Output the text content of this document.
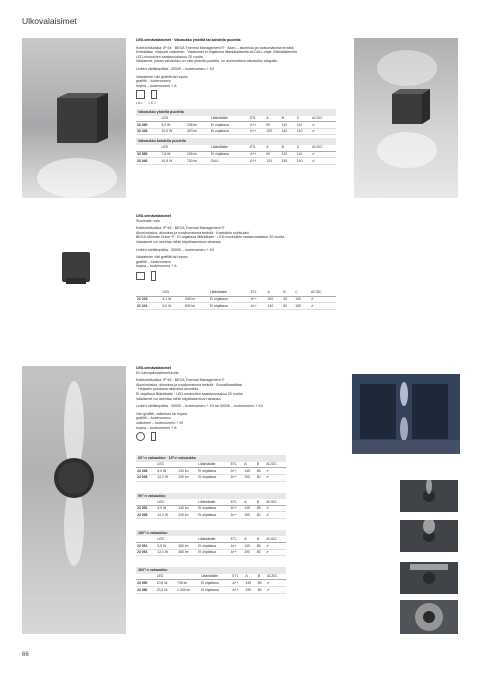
Ulkovalaisimet

LED-seinävalaisimet · Valoaukko yhdellä tai kahdella puolella

Kotelointiluokka: IP 64 · BEGA Thermal Management ® · Alum.-, alumiinia ja ruostumatonta terästä

Kristallilasi, elalpuoli valkoinen · Valaisimet ei ohjattavia liitäntälaitteella tai DALI-ohjat. liitäntälaitteella

LED-moduulien saatavuustakuu 20 vuotta

Valaisimet, joissa valoaukko on vain yhdellä puolella, on asennettava valoaukko alaspäin.

Ledien värilämpötila : 3000K – tuotenumero + K3

Valaisimen väri grafiitti tai hopea

grafiitti – tuotenumero

hopea – tuotenumero + A

• A • • C •
Valoaukko yhdellä puolella
	LED		Liitäntälaite	ETL	A	B	C	AC/DC
33 490	5,0 W	235 lm	Ei ohjattava	A++	90	110	110	✔
33 448	10,0 W	420 lm	Ei ohjattava	A++	120	140	140	✔
Valoaukko kahdella puolella
	LED		Liitäntälaite	ETL	A	B	C	AC/DC
33 585	7,8 W	235 lm	Ei ohjattava	A++	90	120	110	✔
33 046	16,8 W	700 lm	DALI	A++	120	155	140	✔

LED-seinävalaisimet

Suunnattu valo

Kotelointiluokka: IP 65 · BEGA Thermal Management ®

Alumiinivalua, alumiinia ja ruostumatonta terästä · Kartiolisto suihkulasi

BEGA Ultimate Driver ® · Ei ohjattava liitäntälaite · LED-moduulien saatavuustakuu 20 vuotta

Valaisimet voi asentaa mihin käyttöasentoon tahansa.

Ledien värilämpötila : 3000K – tuotenumero + K3

Valaisimen väri grafiitti tai hopea

grafiitti – tuotenumero

hopea – tuotenumero + A

	LED		Liitäntälaite	ETL	A	B	C	AC/DC
22 223	4,1 W	045 lm	Ei ohjattava	A++	100	60	130	✔
22 224	5,0 W	530 lm	Ei ohjattava	A++	140	80	185	✔

LED-seinävalaisimet

Eri valonjakovaihtoehdoilla

Kotelointiluokka: IP 65 · BEGA Thermal Management ®

Alumiinivalua, alumiinia ja ruostumatonta terästä · Borosilikaattilasi

· Heijastin puhdasta alokoitua alumiinia

Ei ohjattava liitäntälaite · LED-moduulien saatavuustakuu 20 vuotta

Valaisimet voi asentaa mihin käyttöasentoon tahansa.

Ledien värilämpötila : 3000K – tuotenumero + K3 tai 4000K – tuotenumero + K4

Väri grafiitti, valkoinen tai hopea

grafiitti – tuotenumero

valkoinen – tuotenumero + W

hopea – tuotenumero + A

60°:n valoaukko · 15°:n valoaukko
	LED		Liitäntälaite	ETL	A	B	AC/DC
24 046	6,9 W	130 lm	Ei ohjattava	A++	145	85	✔
24 048	12,0 W	230 lm	Ei ohjattava	A++	190	80	✔
90°:n valoaukko
	LED		Liitäntälaite	ETL	A	B	AC/DC
24 052	6,9 W	140 lm	Ei ohjattava	A++	145	85	✔
24 058	12,0 W	240 lm	Ei ohjattava	A++	190	80	✔
180°:n valoaukko
	LED		Liitäntälaite	ETL	A	B	AC/DC
24 051	6,9 W	280 lm	Ei ohjattava	A++	145	85	✔
24 054	12,0 W	465 lm	Ei ohjattava	A++	190	80	✔
360°:n valoaukko
	LED		Liitäntälaite	ETL	A	B	AC/DC
24 050	10,8 W	735 lm	Ei ohjattava	A++	145	85	✔
24 080	23,3 W	1 345 lm	Ei ohjattava	A++	190	80	✔
66
